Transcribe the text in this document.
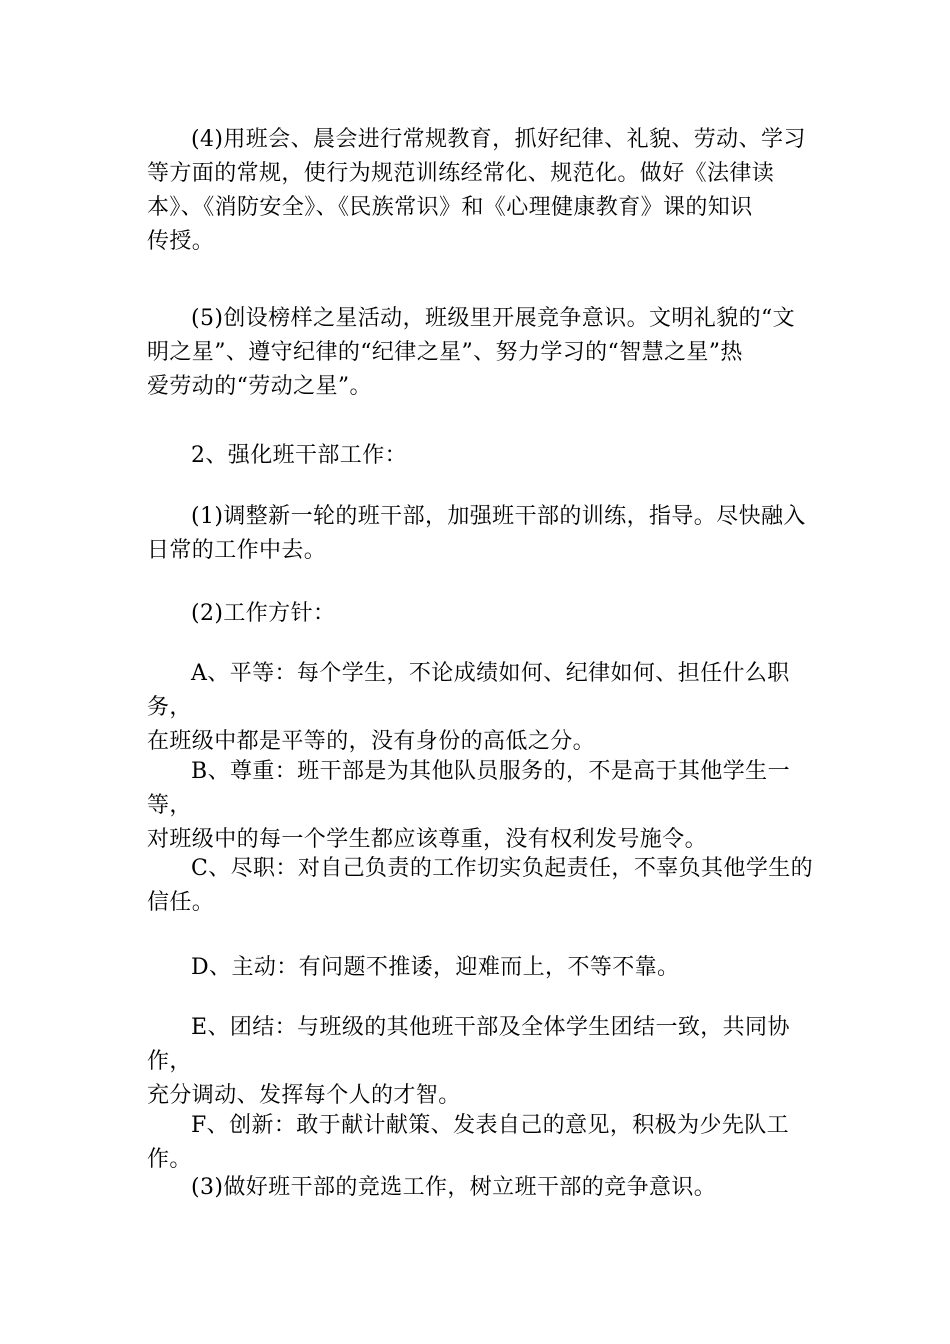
(4)用班会、晨会进行常规教育，抓好纪律、礼貌、劳动、学习
等方面的常规，使行为规范训练经常化、规范化。做好《法律读
本》、《消防安全》、《民族常识》和《心理健康教育》课的知识
传授。
(5)创设榜样之星活动，班级里开展竞争意识。文明礼貌的“文
明之星”、遵守纪律的“纪律之星”、努力学习的“智慧之星”热
爱劳动的“劳动之星”。
2、强化班干部工作：
(1)调整新一轮的班干部，加强班干部的训练，指导。尽快融入
日常的工作中去。
(2)工作方针：
A、平等：每个学生，不论成绩如何、纪律如何、担任什么职务，
在班级中都是平等的，没有身份的高低之分。
B、尊重：班干部是为其他队员服务的，不是高于其他学生一等，
对班级中的每一个学生都应该尊重，没有权利发号施令。
C、尽职：对自己负责的工作切实负起责任，不辜负其他学生的
信任。
D、主动：有问题不推诿，迎难而上，不等不靠。
E、团结：与班级的其他班干部及全体学生团结一致，共同协作，
充分调动、发挥每个人的才智。
F、创新：敢于献计献策、发表自己的意见，积极为少先队工作。
(3)做好班干部的竞选工作，树立班干部的竞争意识。
